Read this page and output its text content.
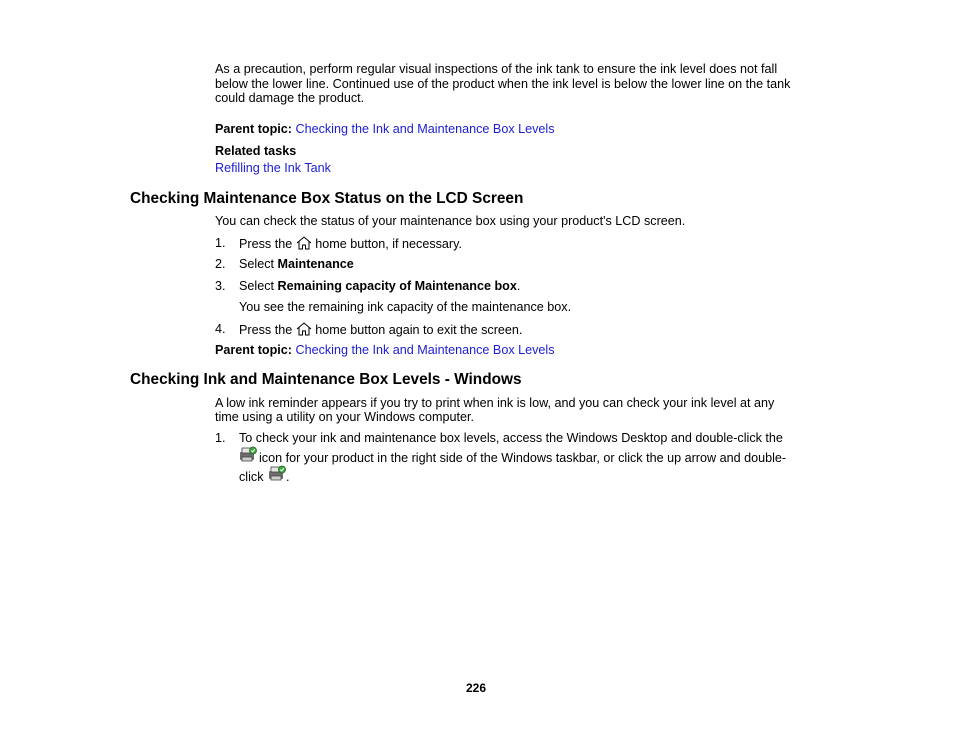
As a precaution, perform regular visual inspections of the ink tank to ensure the ink level does not fall
below the lower line. Continued use of the product when the ink level is below the lower line on the tank
could damage the product.
Parent topic: Checking the Ink and Maintenance Box Levels
Related tasks
Refilling the Ink Tank
Checking Maintenance Box Status on the LCD Screen
You can check the status of your maintenance box using your product's LCD screen.
1. Press the home button, if necessary.
2. Select Maintenance
3. Select Remaining capacity of Maintenance box.
You see the remaining ink capacity of the maintenance box.
4. Press the home button again to exit the screen.
Parent topic: Checking the Ink and Maintenance Box Levels
Checking Ink and Maintenance Box Levels - Windows
A low ink reminder appears if you try to print when ink is low, and you can check your ink level at any
time using a utility on your Windows computer.
1. To check your ink and maintenance box levels, access the Windows Desktop and double-click the
icon for your product in the right side of the Windows taskbar, or click the up arrow and double-
click .
226
